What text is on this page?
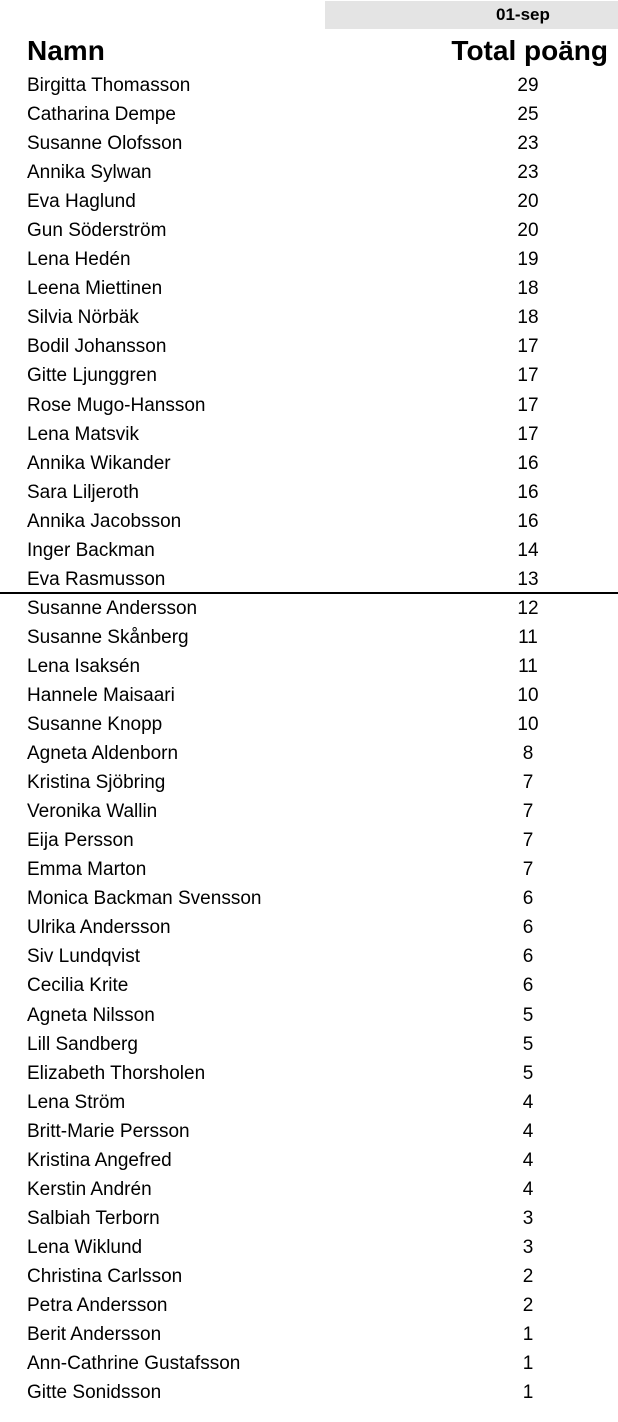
01-sep
Namn	Total poäng
Birgitta Thomasson	29
Catharina Dempe	25
Susanne Olofsson	23
Annika Sylwan	23
Eva Haglund	20
Gun Söderström	20
Lena Hedén	19
Leena Miettinen	18
Silvia Nörbäk	18
Bodil Johansson	17
Gitte Ljunggren	17
Rose Mugo-Hansson	17
Lena Matsvik	17
Annika Wikander	16
Sara Liljeroth	16
Annika Jacobsson	16
Inger Backman	14
Eva Rasmusson	13
Susanne Andersson	12
Susanne Skånberg	11
Lena Isaksén	11
Hannele Maisaari	10
Susanne Knopp	10
Agneta Aldenborn	8
Kristina Sjöbring	7
Veronika Wallin	7
Eija Persson	7
Emma Marton	7
Monica Backman Svensson	6
Ulrika Andersson	6
Siv Lundqvist	6
Cecilia Krite	6
Agneta Nilsson	5
Lill Sandberg	5
Elizabeth Thorsholen	5
Lena Ström	4
Britt-Marie Persson	4
Kristina Angefred	4
Kerstin Andrén	4
Salbiah Terborn	3
Lena Wiklund	3
Christina Carlsson	2
Petra Andersson	2
Berit Andersson	1
Ann-Cathrine Gustafsson	1
Gitte Sonidsson	1
